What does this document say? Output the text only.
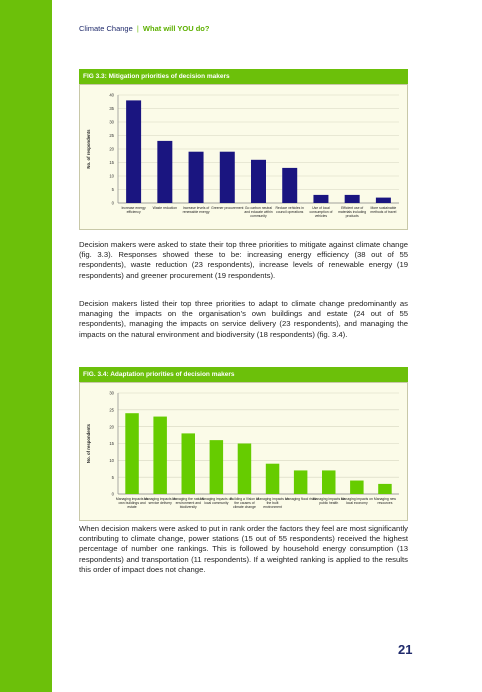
Climate Change | What will YOU do?
FIG 3.3: Mitigation priorities of decision makers
0
5
10
15
20
25
30
35
40
No. of respondents
Increase energy efficiency
Waste reduction Increase levels of renewable energy
Greener procurement Go carbon neutral and educate within community
Reduce vehicles in council operations
Use of local consumption of vehicles
Efficient use of materials including products
More sustainable methods of travel

Decision makers were asked to state their top three priorities to mitigate against climate change (fig. 3.3). Responses showed these to be: increasing energy efficiency (38 out of 55 respondents), waste reduction (23 respondents), increase levels of renewable energy (19 respondents) and greener procurement (19 respondents).

Decision makers listed their top three priorities to adapt to climate change predominantly as managing the impacts on the organisation’s own buildings and estate (24 out of 55 respondents), managing the impacts on service delivery (23 respondents), and managing the impacts on the natural environment and biodiversity (18 respondents) (fig. 3.4).

FIG. 3.4: Adaptation priorities of decision makers
0
5
10
15
20
25
30
No. of respondents
Managing impacts on own buildings and estate
Managing impacts on service delivery
Managing the natural environment and biodiversity
Managing impacts on local community
Building a Vision of the causes of climate change
Managing impacts on the built environment
Managing flood risks
Managing impacts on public health
Managing impacts on local economy
Managing new resources

When decision makers were asked to put in rank order the factors they feel are most significantly contributing to climate change, power stations (15 out of 55 respondents) received the highest percentage of number one rankings. This is followed by household energy consumption (13 respondents) and transportation (11 respondents). If a weighted ranking is applied to the results this order of impact does not change.

21
